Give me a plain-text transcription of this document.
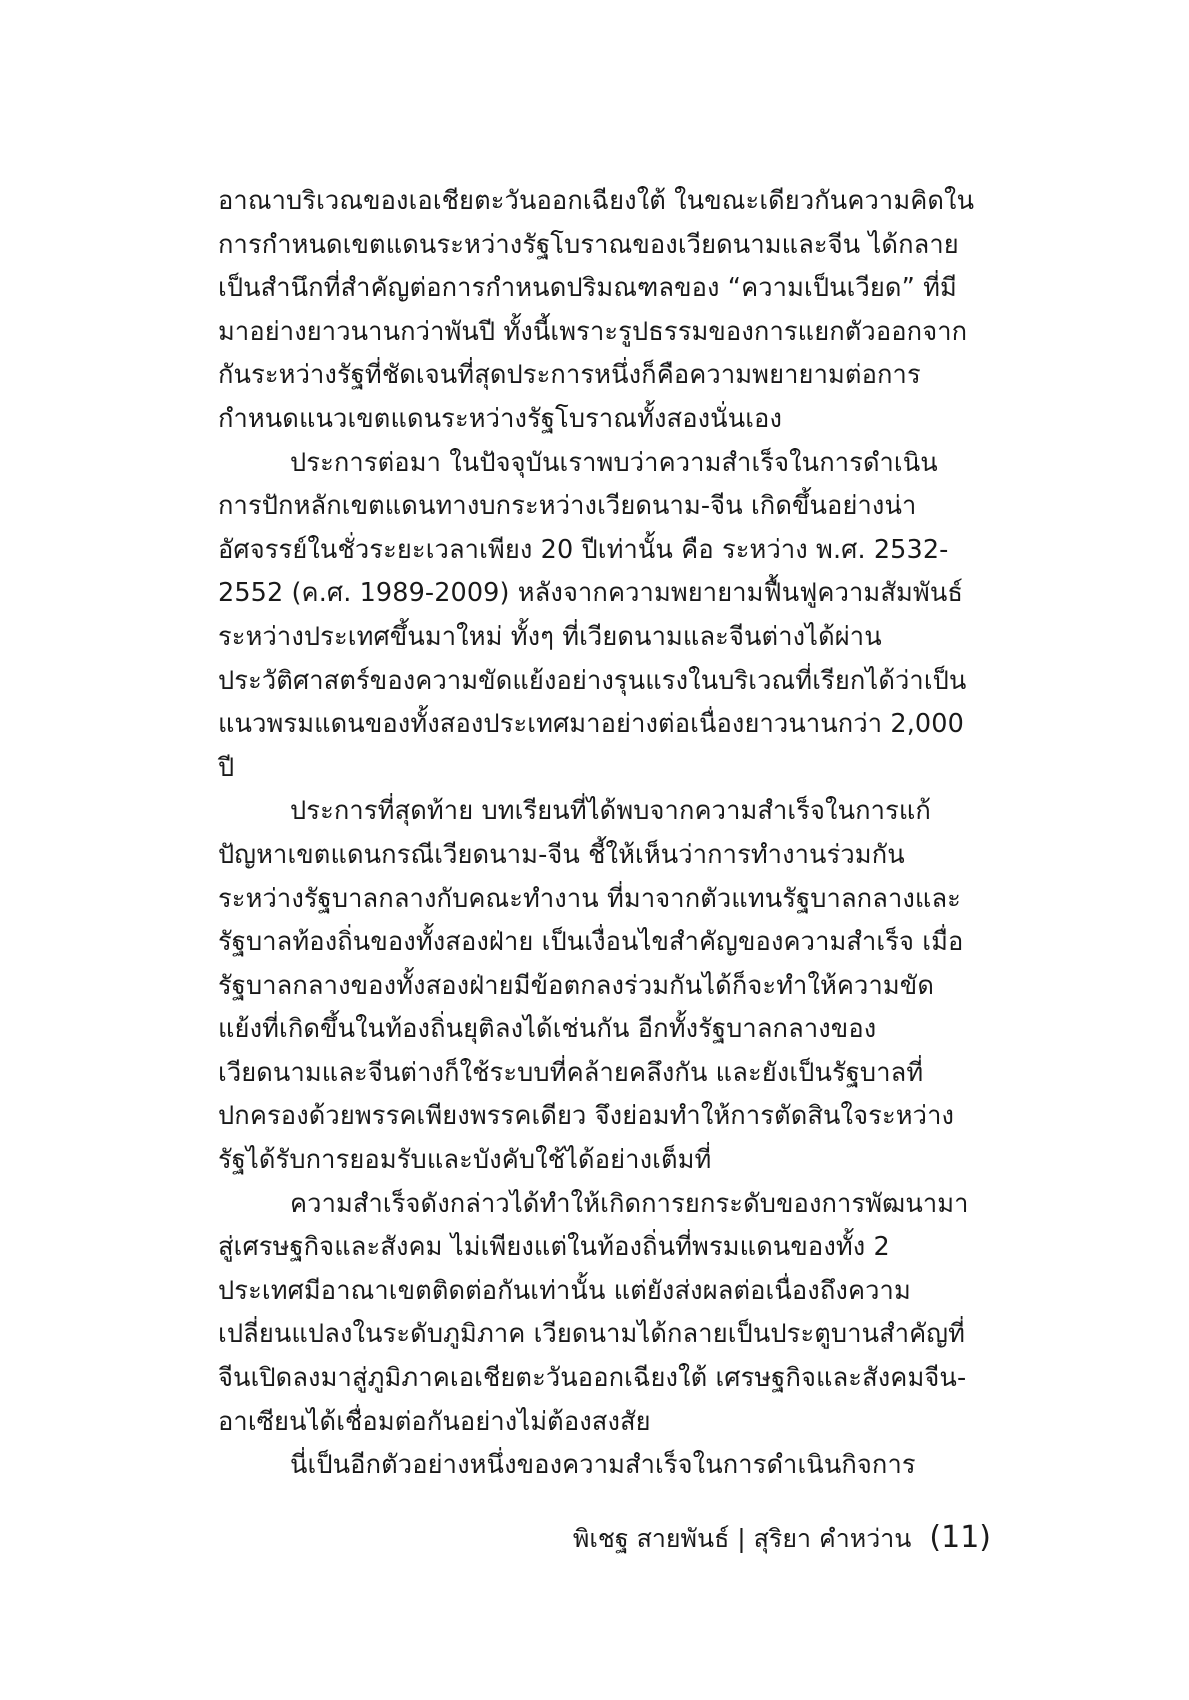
อาณาบริเวณของเอเชียตะวันออกเฉียงใต้ ในขณะเดียวกันความคิดในการกำหนดเขตแดนระหว่างรัฐโบราณของเวียดนามและจีน ได้กลายเป็นสำนึกที่สำคัญต่อการกำหนดปริมณฑลของ “ความเป็นเวียด” ที่มีมาอย่างยาวนานกว่าพันปี ทั้งนี้เพราะรูปธรรมของการแยกตัวออกจากกันระหว่างรัฐที่ชัดเจนที่สุดประการหนึ่งก็คือความพยายามต่อการกำหนดแนวเขตแดนระหว่างรัฐโบราณทั้งสองนั่นเอง

ประการต่อมา ในปัจจุบันเราพบว่าความสำเร็จในการดำเนินการปักหลักเขตแดนทางบกระหว่างเวียดนาม-จีน เกิดขึ้นอย่างน่าอัศจรรย์ในชั่วระยะเวลาเพียง 20 ปีเท่านั้น คือ ระหว่าง พ.ศ. 2532-2552 (ค.ศ. 1989-2009) หลังจากความพยายามฟื้นฟูความสัมพันธ์ระหว่างประเทศขึ้นมาใหม่ ทั้งๆ ที่เวียดนามและจีนต่างได้ผ่านประวัติศาสตร์ของความขัดแย้งอย่างรุนแรงในบริเวณที่เรียกได้ว่าเป็นแนวพรมแดนของทั้งสองประเทศมาอย่างต่อเนื่องยาวนานกว่า 2,000 ปี

ประการที่สุดท้าย บทเรียนที่ได้พบจากความสำเร็จในการแก้ปัญหาเขตแดนกรณีเวียดนาม-จีน ชี้ให้เห็นว่าการทำงานร่วมกันระหว่างรัฐบาลกลางกับคณะทำงาน ที่มาจากตัวแทนรัฐบาลกลางและรัฐบาลท้องถิ่นของทั้งสองฝ่าย เป็นเงื่อนไขสำคัญของความสำเร็จ เมื่อรัฐบาลกลางของทั้งสองฝ่ายมีข้อตกลงร่วมกันได้ก็จะทำให้ความขัดแย้งที่เกิดขึ้นในท้องถิ่นยุติลงได้เช่นกัน อีกทั้งรัฐบาลกลางของเวียดนามและจีนต่างก็ใช้ระบบที่คล้ายคลึงกัน และยังเป็นรัฐบาลที่ปกครองด้วยพรรคเพียงพรรคเดียว จึงย่อมทำให้การตัดสินใจระหว่างรัฐได้รับการยอมรับและบังคับใช้ได้อย่างเต็มที่

ความสำเร็จดังกล่าวได้ทำให้เกิดการยกระดับของการพัฒนามาสู่เศรษฐกิจและสังคม ไม่เพียงแต่ในท้องถิ่นที่พรมแดนของทั้ง 2 ประเทศมีอาณาเขตติดต่อกันเท่านั้น แต่ยังส่งผลต่อเนื่องถึงความเปลี่ยนแปลงในระดับภูมิภาค เวียดนามได้กลายเป็นประตูบานสำคัญที่จีนเปิดลงมาสู่ภูมิภาคเอเชียตะวันออกเฉียงใต้ เศรษฐกิจและสังคมจีน-อาเซียนได้เชื่อมต่อกันอย่างไม่ต้องสงสัย

นี่เป็นอีกตัวอย่างหนึ่งของความสำเร็จในการดำเนินกิจการ

พิเชฐ สายพันธ์ | สุริยา คำหว่าน (11)
